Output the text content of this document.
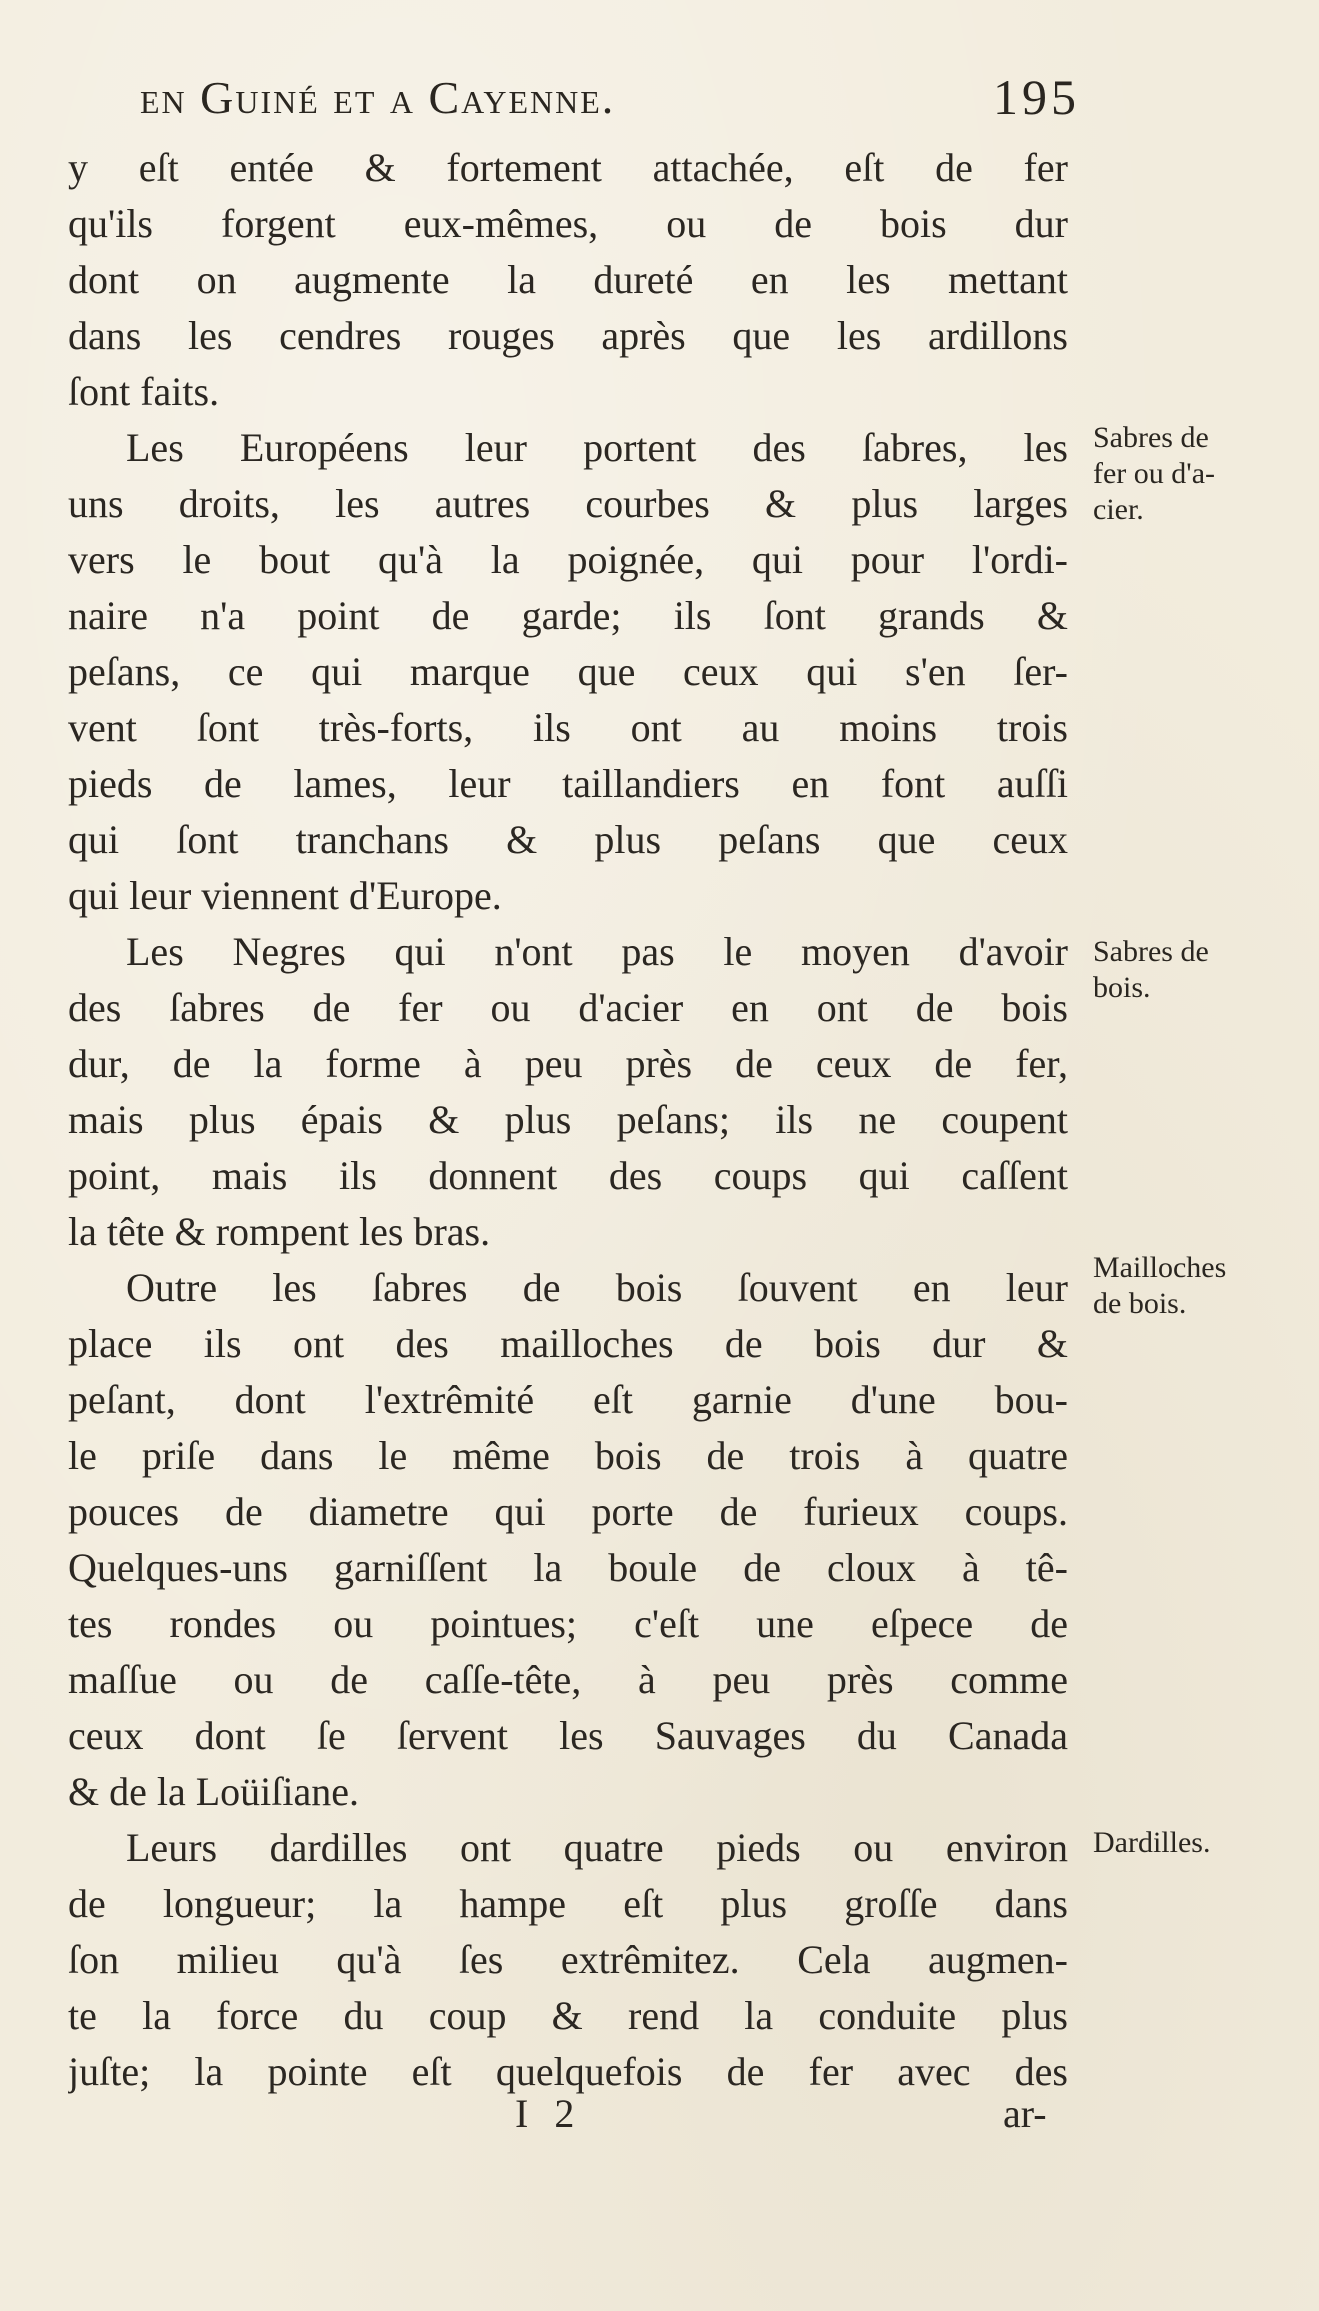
en Guiné et a Cayenne.	195
y eſt entée & fortement attachée, eſt de fer
qu'ils forgent eux-mêmes, ou de bois dur
dont on augmente la dureté en les mettant
dans les cendres rouges après que les ardillons
ſont faits.
Les Européens leur portent des ſabres, les
uns droits, les autres courbes & plus larges
vers le bout qu'à la poignée, qui pour l'ordi-
naire n'a point de garde; ils ſont grands &
peſans, ce qui marque que ceux qui s'en ſer-
vent ſont très-forts, ils ont au moins trois
pieds de lames, leur taillandiers en font auſſi
qui ſont tranchans & plus peſans que ceux
qui leur viennent d'Europe.
Les Negres qui n'ont pas le moyen d'avoir
des ſabres de fer ou d'acier en ont de bois
dur, de la forme à peu près de ceux de fer,
mais plus épais & plus peſans; ils ne coupent
point, mais ils donnent des coups qui caſſent
la tête & rompent les bras.
Outre les ſabres de bois ſouvent en leur
place ils ont des mailloches de bois dur &
peſant, dont l'extrêmité eſt garnie d'une bou-
le priſe dans le même bois de trois à quatre
pouces de diametre qui porte de furieux coups.
Quelques-uns garniſſent la boule de cloux à tê-
tes rondes ou pointues; c'eſt une eſpece de
maſſue ou de caſſe-tête, à peu près comme
ceux dont ſe ſervent les Sauvages du Canada
& de la Loüiſiane.
Leurs dardilles ont quatre pieds ou environ
de longueur; la hampe eſt plus groſſe dans
ſon milieu qu'à ſes extrêmitez. Cela augmen-
te la force du coup & rend la conduite plus
juſte; la pointe eſt quelquefois de fer avec des
Sabres de
fer ou d'a-
cier.
Sabres de
bois.
Mailloches
de bois.
Dardilles.
I 2	ar-
